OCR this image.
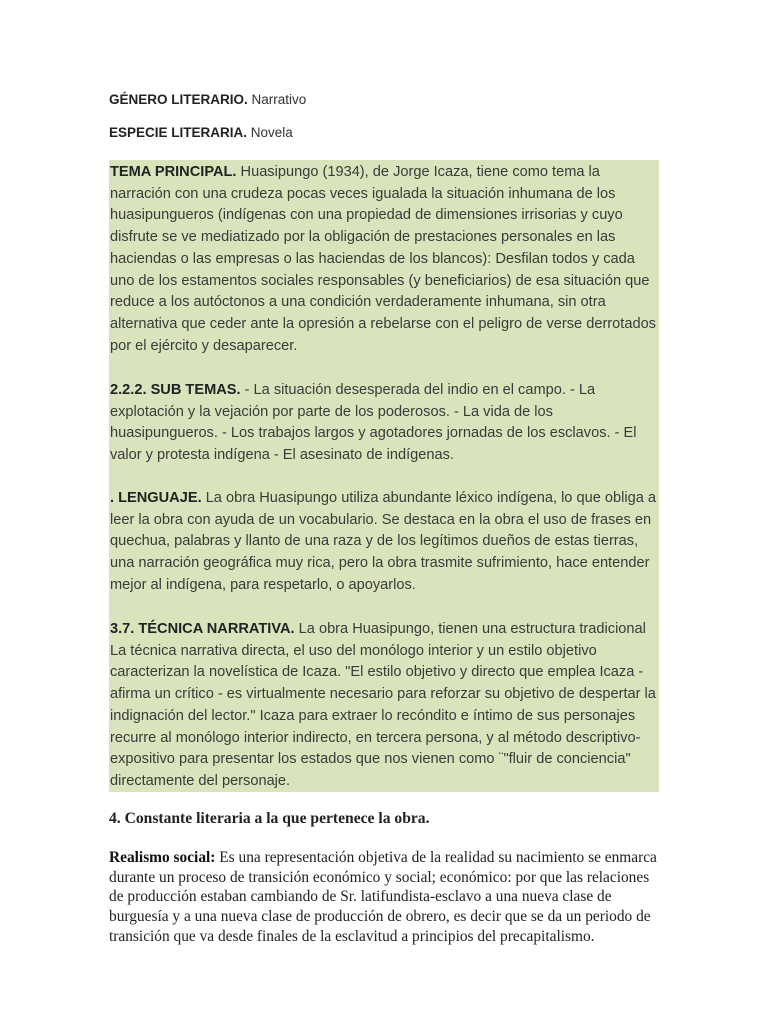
GÉNERO LITERARIO. Narrativo
ESPECIE LITERARIA. Novela

TEMA PRINCIPAL. Huasipungo (1934), de Jorge Icaza, tiene como tema la narración con una crudeza pocas veces igualada la situación inhumana de los huasipungueros (indígenas con una propiedad de dimensiones irrisorias y cuyo disfrute se ve mediatizado por la obligación de prestaciones personales en las haciendas o las empresas o las haciendas de los blancos): Desfilan todos y cada uno de los estamentos sociales responsables (y beneficiarios) de esa situación que reduce a los autóctonos a una condición verdaderamente inhumana, sin otra alternativa que ceder ante la opresión a rebelarse con el peligro de verse derrotados por el ejército y desaparecer.

2.2.2. SUB TEMAS. - La situación desesperada del indio en el campo. - La explotación y la vejación por parte de los poderosos. - La vida de los huasipungueros. - Los trabajos largos y agotadores jornadas de los esclavos. - El valor y protesta indígena - El asesinato de indígenas.

. LENGUAJE. La obra Huasipungo utiliza abundante léxico indígena, lo que obliga a leer la obra con ayuda de un vocabulario. Se destaca en la obra el uso de frases en quechua, palabras y llanto de una raza y de los legítimos dueños de estas tierras, una narración geográfica muy rica, pero la obra trasmite sufrimiento, hace entender mejor al indígena, para respetarlo, o apoyarlos.

3.7. TÉCNICA NARRATIVA. La obra Huasipungo, tienen una estructura tradicional La técnica narrativa directa, el uso del monólogo interior y un estilo objetivo caracterizan la novelística de Icaza. "El estilo objetivo y directo que emplea Icaza - afirma un crítico - es virtualmente necesario para reforzar su objetivo de despertar la indignación del lector." Icaza para extraer lo recóndito e íntimo de sus personajes recurre al monólogo interior indirecto, en tercera persona, y al método descriptivo-expositivo para presentar los estados que nos vienen como ¨"fluir de conciencia" directamente del personaje.

4. Constante literaria a la que pertenece la obra.

Realismo social: Es una representación objetiva de la realidad su nacimiento se enmarca durante un proceso de transición económico y social; económico: por que las relaciones de producción estaban cambiando de Sr. latifundista-esclavo a una nueva clase de burguesía y a una nueva clase de producción de obrero, es decir que se da un periodo de transición que va desde finales de la esclavitud a principios del precapitalismo.
